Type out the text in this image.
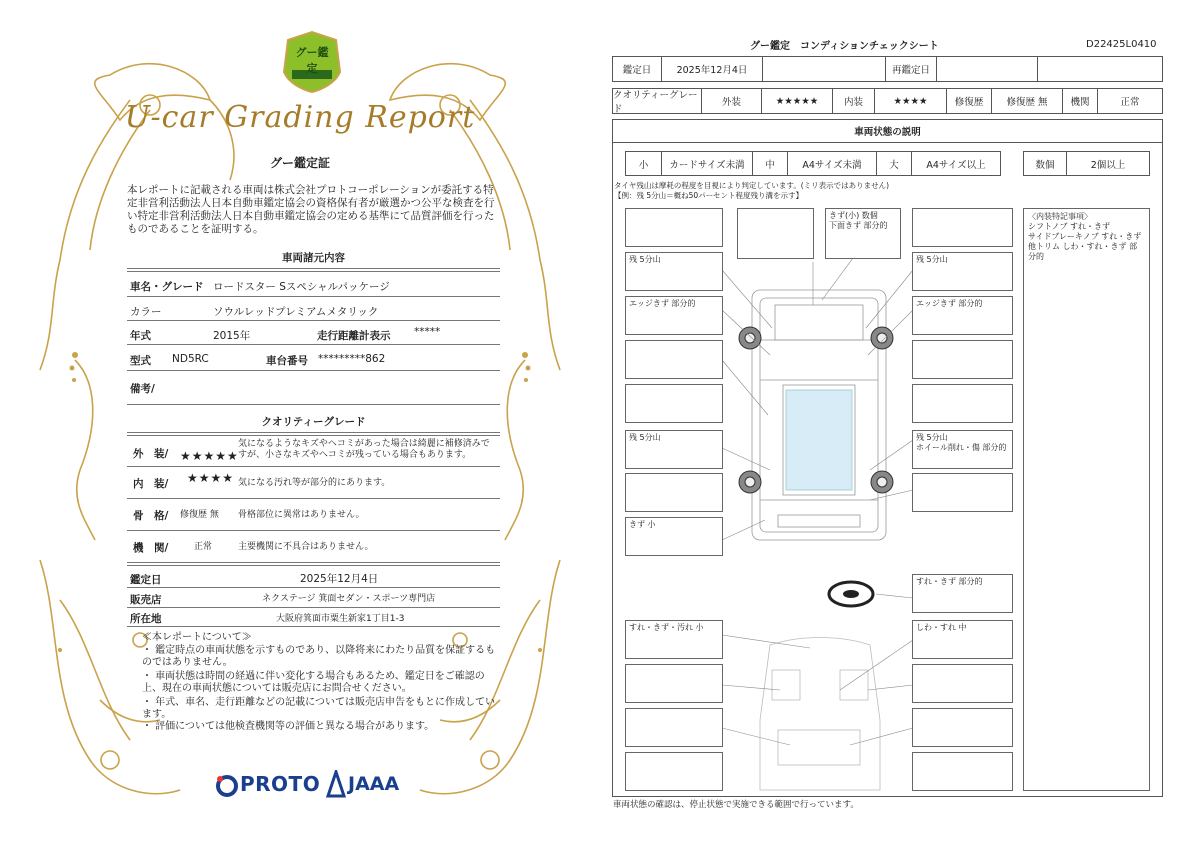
グー鑑定
U-car Grading Report
グー鑑定証
本レポートに記載される車両は株式会社プロトコーポレーションが委託する特定非営利活動法人日本自動車鑑定協会の資格保有者が厳選かつ公平な検査を行い特定非営利活動法人日本自動車鑑定協会の定める基準にて品質評価を行ったものであることを証明する。
車両諸元内容
車名・グレード ロードスター Sスペシャルパッケージ
カラー	ソウルレッドプレミアムメタリック
年式	2015年	走行距離計表示 *****
型式 ND5RC	車台番号 *********862
備考/
クオリティーグレード
外　装/ ★★★★★
気になるようなキズやヘコミがあった場合は綺麗に補修済みですが、小さなキズやヘコミが残っている場合もあります。
内　装/ ★★★★ 気になる汚れ等が部分的にあります。
骨　格/ 修復歴 無 骨格部位に異常はありません。
機　関/	正常	主要機関に不具合はありません。
鑑定日	2025年12月4日
販売店	ネクステージ 箕面セダン・スポーツ専門店
所在地	大阪府箕面市粟生新家1丁目1-3
≪本レポートについて≫
・ 鑑定時点の車両状態を示すものであり、以降将来にわたり品質を保証するものではありません。
・ 車両状態は時間の経過に伴い変化する場合もあるため、鑑定日をご確認の上、現在の車両状態については販売店にお問合せください。
・ 年式、車名、走行距離などの記載については販売店申告をもとに作成しています。
・ 評価については他検査機関等の評価と異なる場合があります。
PROTO JAAA
グー鑑定　コンディションチェックシート	D22425L0410
鑑定日	2025年12月4日	再鑑定日
クオリティーグレード
外装	★★★★★	内装	★★★★	修復歴	修復歴 無	機関	正常
車両状態の説明
小	カードサイズ未満	中	A4サイズ未満	大	A4サイズ以上	数個	2個以上
タイヤ残山は摩耗の程度を目視により判定しています。(ミリ表示ではありません)
【例：残 5分山＝概ね50パーセント程度残り溝を示す】
きず(小) 数個
下面きず 部分的
残 5分山	残 5分山
エッジきず 部分的	エッジきず 部分的
残 5分山	残 5分山
ホイール削れ・傷 部分的
きず 小
すれ・きず 部分的
すれ・きず・汚れ 小	しわ・すれ 中
〈内装特記事項〉
シフトノブ すれ・きず
サイドブレーキノブ すれ・きず
他トリム しわ・すれ・きず 部分的
車両状態の確認は、停止状態で実施できる範囲で行っています。
